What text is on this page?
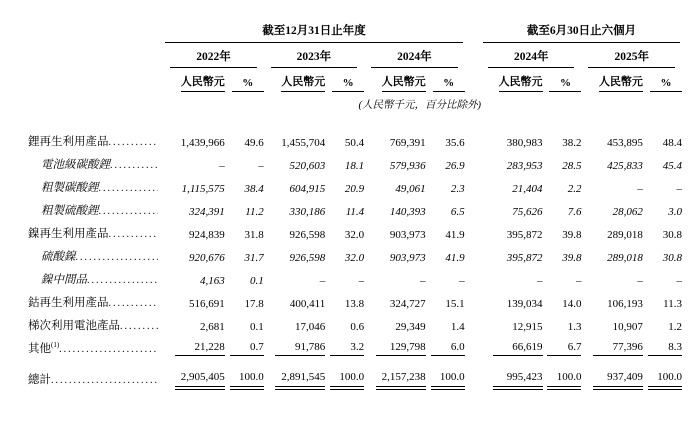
	截至12月31日止年度							截至6月30日止六個月			

	2022年		2023年		2024年			2024年		2025年	

	人民幣元	%	人民幣元	%	人民幣元	%		人民幣元	%	人民幣元	%
	(人民幣千元，百分比除外)										

鋰再生利用產品 .....	1,439,966	49.6	1,455,704	50.4	769,391	35.6		380,983	38.2	453,895	48.4

電池級碳酸鋰 .....	–	–	520,603	18.1	579,936	26.9		283,953	28.5	425,833	45.4

粗製碳酸鋰 .....	1,115,575	38.4	604,915	20.9	49,061	2.3		21,404	2.2	–	–

粗製硫酸鋰 .....	324,391	11.2	330,186	11.4	140,393	6.5		75,626	7.6	28,062	3.0

鎳再生利用產品 .....	924,839	31.8	926,598	32.0	903,973	41.9		395,872	39.8	289,018	30.8

硫酸鎳 .....	920,676	31.7	926,598	32.0	903,973	41.9		395,872	39.8	289,018	30.8

鎳中間品 .....	4,163	0.1	–	–	–	–		–	–	–	–

鈷再生利用產品 .....	516,691	17.8	400,411	13.8	324,727	15.1		139,034	14.0	106,193	11.3

梯次利用電池產品 .....	2,681	0.1	17,046	0.6	29,349	1.4		12,915	1.3	10,907	1.2

其他$^{(1)}$ .....	21,228	0.7	91,786	3.2	129,798	6.0		66,619	6.7	77,396	8.3

總計 .....	2,905,405	100.0	2,891,545	100.0	2,157,238	100.0		995,423	100.0	937,409	100.0
